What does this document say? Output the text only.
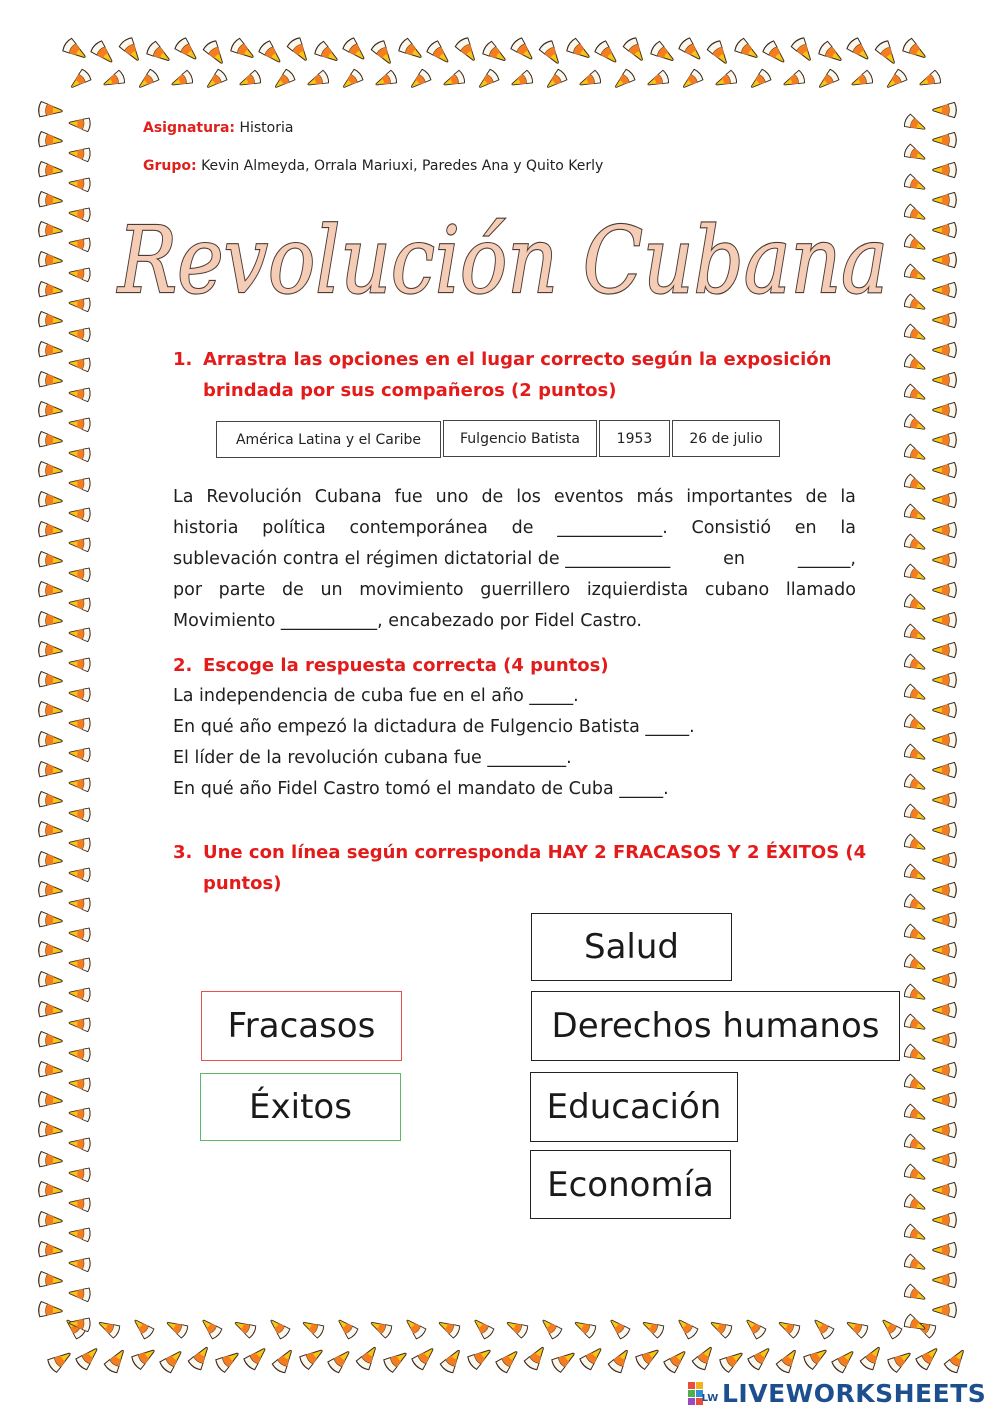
Asignatura: Historia
Grupo: Kevin Almeyda, Orrala Mariuxi, Paredes Ana y Quito Kerly
Revolución Cubana
1. Arrastra las opciones en el lugar correcto según la exposición
brindada por sus compañeros (2 puntos)
América Latina y el Caribe	Fulgencio Batista	1953	26 de julio
La Revolución Cubana fue uno de los eventos más importantes de la
historia política contemporánea de ____________. Consistió en la
sublevación contra el régimen dictatorial de ____________	en	______,
por parte de un movimiento guerrillero izquierdista cubano llamado
Movimiento ___________, encabezado por Fidel Castro.
2. Escoge la respuesta correcta (4 puntos)
La independencia de cuba fue en el año _____.
En qué año empezó la dictadura de Fulgencio Batista _____.
El líder de la revolución cubana fue _________.
En qué año Fidel Castro tomó el mandato de Cuba _____.
3. Une con línea según corresponda HAY 2 FRACASOS Y 2 ÉXITOS (4
puntos)
Fracasos
Éxitos
Salud
Derechos humanos
Educación
Economía
LW LIVEWORKSHEETS
